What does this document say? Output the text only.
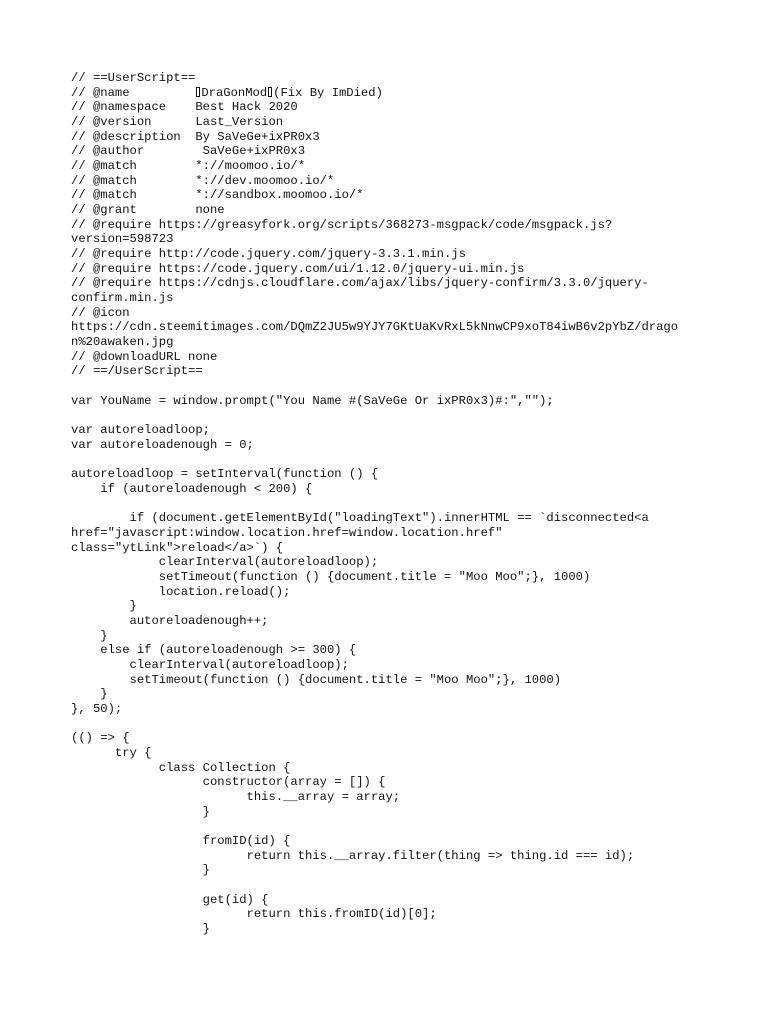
// ==UserScript==
// @name         DraGonMod (Fix By ImDied)
// @namespace    Best Hack 2020
// @version      Last_Version
// @description  By SaVeGe+ixPR0x3
// @author        SaVeGe+ixPR0x3
// @match        *://moomoo.io/*
// @match        *://dev.moomoo.io/*
// @match        *://sandbox.moomoo.io/*
// @grant        none
// @require https://greasyfork.org/scripts/368273-msgpack/code/msgpack.js?
version=598723
// @require http://code.jquery.com/jquery-3.3.1.min.js
// @require https://code.jquery.com/ui/1.12.0/jquery-ui.min.js
// @require https://cdnjs.cloudflare.com/ajax/libs/jquery-confirm/3.3.0/jquery-
confirm.min.js
// @icon
https://cdn.steemitimages.com/DQmZ2JU5w9YJY7GKtUaKvRxL5kNnwCP9xoT84iwB6v2pYbZ/drago
n%20awaken.jpg
// @downloadURL none
// ==/UserScript==
var YouName = window.prompt("You Name #(SaVeGe Or ixPR0x3)#:","");
var autoreloadloop;
var autoreloadenough = 0;
autoreloadloop = setInterval(function () {
if (autoreloadenough < 200) {
if (document.getElementById("loadingText").innerHTML == `disconnected<a
href="javascript:window.location.href=window.location.href"
class="ytLink">reload</a>`) {
clearInterval(autoreloadloop);
setTimeout(function () {document.title = "Moo Moo";}, 1000)
location.reload();
}
autoreloadenough++;
}
else if (autoreloadenough >= 300) {
clearInterval(autoreloadloop);
setTimeout(function () {document.title = "Moo Moo";}, 1000)
}
}, 50);
(() => {
try {
class Collection {
constructor(array = []) {
this.__array = array;
}
fromID(id) {
return this.__array.filter(thing => thing.id === id);
}
get(id) {
return this.fromID(id)[0];
}
